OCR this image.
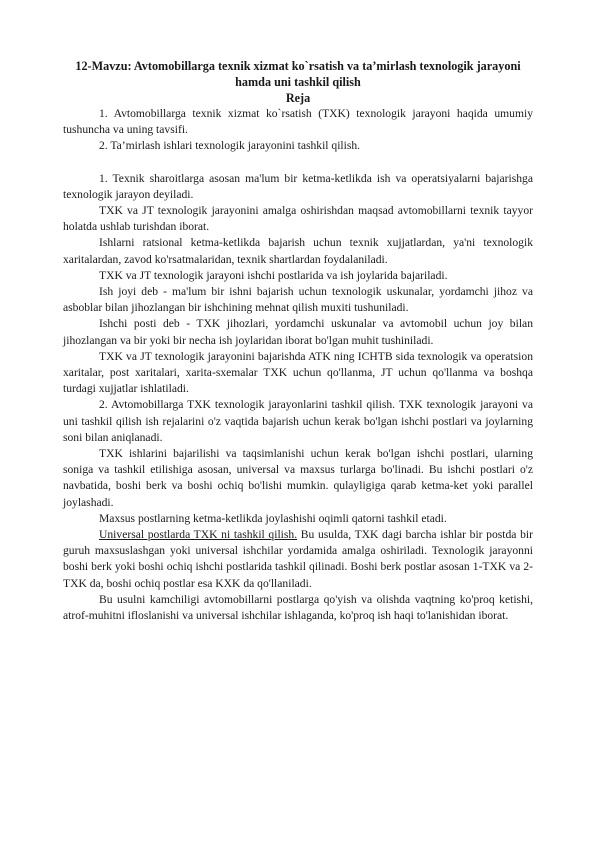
12-Mavzu: Avtomobillarga texnik xizmat ko`rsatish va ta’mirlash texnologik jarayoni hamda uni tashkil qilish

Reja

1. Avtomobillarga texnik xizmat ko`rsatish (TXK) texnologik jarayoni haqida umumiy tushuncha va uning tavsifi.

2. Ta’mirlash ishlari texnologik jarayonini tashkil qilish.

1. Texnik sharoitlarga asosan ma'lum bir ketma-ketlikda ish va operatsiyalarni bajarishga texnologik jarayon deyiladi.

TXK va JT texnologik jarayonini amalga oshirishdan maqsad avtomobillarni texnik tayyor holatda ushlab turishdan iborat.

Ishlarni ratsional ketma-ketlikda bajarish uchun texnik xujjatlardan, ya'ni texnologik xaritalardan, zavod ko'rsatmalaridan, texnik shartlardan foydalaniladi.

TXK va JT texnologik jarayoni ishchi postlarida va ish joylarida bajariladi.

Ish joyi deb - ma'lum bir ishni bajarish uchun texnologik uskunalar, yordamchi jihoz va asboblar bilan jihozlangan bir ishchining mehnat qilish muxiti tushuniladi.

Ishchi posti deb - TXK jihozlari, yordamchi uskunalar va avtomobil uchun joy bilan jihozlangan va bir yoki bir necha ish joylaridan iborat bo'lgan muhit tushiniladi.

TXK va JT texnologik jarayonini bajarishda ATK ning ICHTB sida texnologik va operatsion xaritalar, post xaritalari, xarita-sxemalar TXK uchun qo'llanma, JT uchun qo'llanma va boshqa turdagi xujjatlar ishlatiladi.

2. Avtomobillarga TXK texnologik jarayonlarini tashkil qilish. TXK texnologik jarayoni va uni tashkil qilish ish rejalarini o'z vaqtida bajarish uchun kerak bo'lgan ishchi postlari va joylarning soni bilan aniqlanadi.

TXK ishlarini bajarilishi va taqsimlanishi uchun kerak bo'lgan ishchi postlari, ularning soniga va tashkil etilishiga asosan, universal va maxsus turlarga bo'linadi. Bu ishchi postlari o'z navbatida, boshi berk va boshi ochiq bo'lishi mumkin. qulayligiga qarab ketma-ket yoki parallel joylashadi.

Maxsus postlarning ketma-ketlikda joylashishi oqimli qatorni tashkil etadi.

Universal postlarda TXK ni tashkil qilish. Bu usulda, TXK dagi barcha ishlar bir postda bir guruh maxsuslashgan yoki universal ishchilar yordamida amalga oshiriladi. Texnologik jarayonni boshi berk yoki boshi ochiq ishchi postlarida tashkil qilinadi. Boshi berk postlar asosan 1-TXK va 2-TXK da, boshi ochiq postlar esa KXK da qo'llaniladi.

Bu usulni kamchiligi avtomobillarni postlarga qo'yish va olishda vaqtning ko'proq ketishi, atrof-muhitni ifloslanishi va universal ishchilar ishlaganda, ko'proq ish haqi to'lanishidan iborat.
